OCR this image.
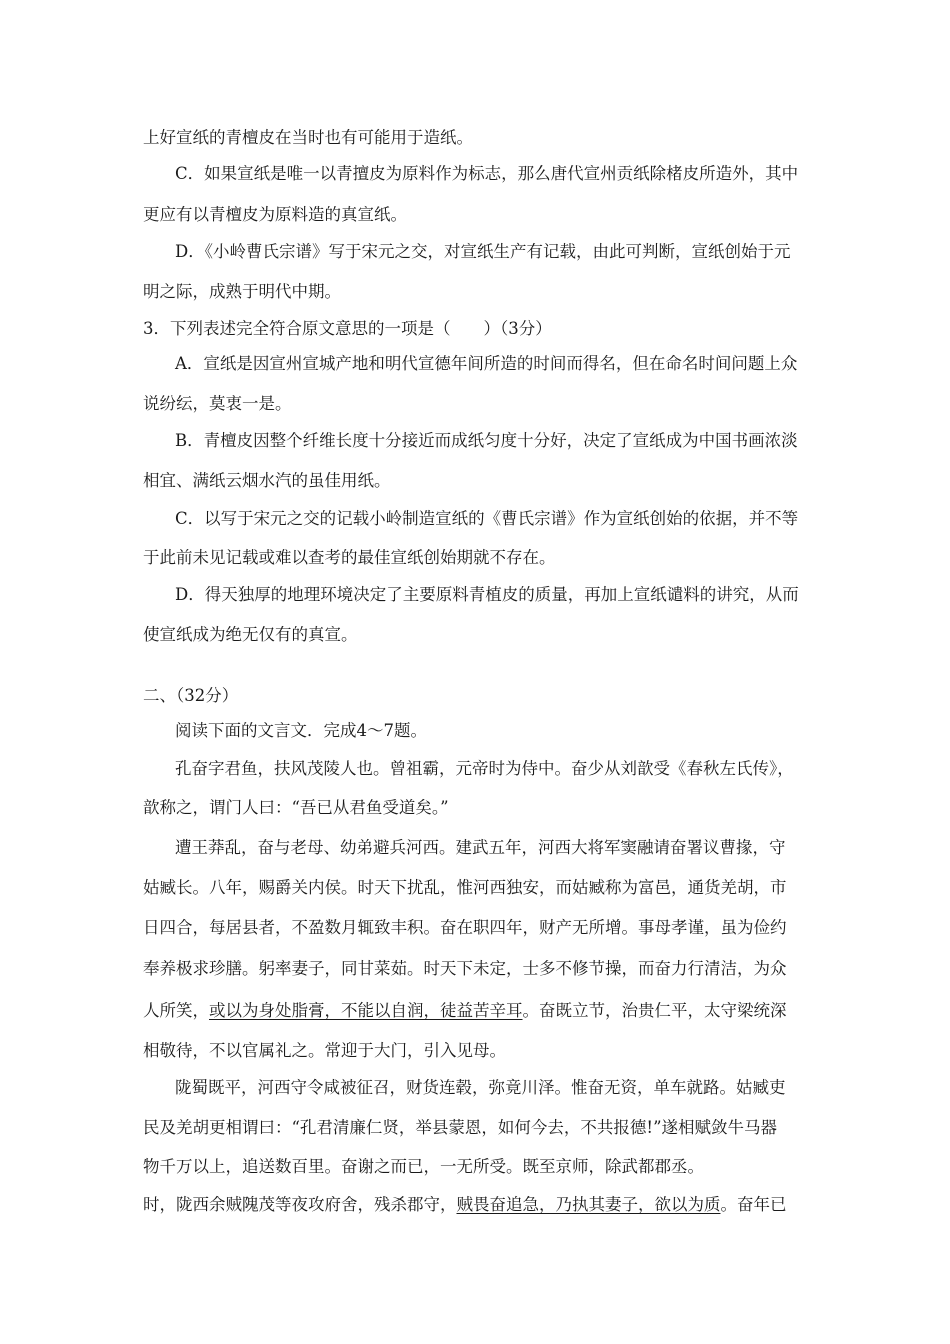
上好宣纸的青檀皮在当时也有可能用于造纸。
C．如果宣纸是唯一以青擅皮为原料作为标志，那么唐代宣州贡纸除楮皮所造外，其中
更应有以青檀皮为原料造的真宣纸。
D．《小岭曹氏宗谱》写于宋元之交，对宣纸生产有记载，由此可判断，宣纸创始于元
明之际，成熟于明代中期。
3．下列表述完全符合原文意思的一项是（　　）（3分）
A．宣纸是因宣州宣城产地和明代宣德年间所造的时间而得名，但在命名时间问题上众
说纷纭，莫衷一是。
B．青檀皮因整个纤维长度十分接近而成纸匀度十分好，决定了宣纸成为中国书画浓淡
相宜、满纸云烟水汽的虽佳用纸。
C．以写于宋元之交的记载小岭制造宣纸的《曹氏宗谱》作为宣纸创始的依据，并不等
于此前未见记载或难以查考的最佳宣纸创始期就不存在。
D．得天独厚的地理环境决定了主要原料青植皮的质量，再加上宣纸谴料的讲究，从而
使宣纸成为绝无仅有的真宣。
二、（32分）
阅读下面的文言文．完成4～7题。
孔奋字君鱼，扶风茂陵人也。曾祖霸，元帝时为侍中。奋少从刘歆受《春秋左氏传》，
歆称之，谓门人曰：“吾已从君鱼受道矣。”
遭王莽乱，奋与老母、幼弟避兵河西。建武五年，河西大将军窦融请奋署议曹掾，守
姑臧长。八年，赐爵关内侯。时天下扰乱，惟河西独安，而姑臧称为富邑，通货羌胡，市
日四合，每居县者，不盈数月辄致丰积。奋在职四年，财产无所增。事母孝谨，虽为俭约
奉养极求珍膳。躬率妻子，同甘菜茹。时天下未定，士多不修节操，而奋力行清洁，为众
人所笑，或以为身处脂膏，不能以自润，徒益苦辛耳。奋既立节，治贵仁平，太守梁统深
相敬待，不以官属礼之。常迎于大门，引入见母。
陇蜀既平，河西守令咸被征召，财货连毂，弥竟川泽。惟奋无资，单车就路。姑臧吏
民及羌胡更相谓曰：“孔君清廉仁贤，举县蒙恩，如何今去，不共报德!”遂相赋敛牛马器
物千万以上，追送数百里。奋谢之而已，一无所受。既至京师，除武都郡丞。
时，陇西余贼隗茂等夜攻府舍，残杀郡守，贼畏奋追急，乃执其妻子，欲以为质。奋年已
